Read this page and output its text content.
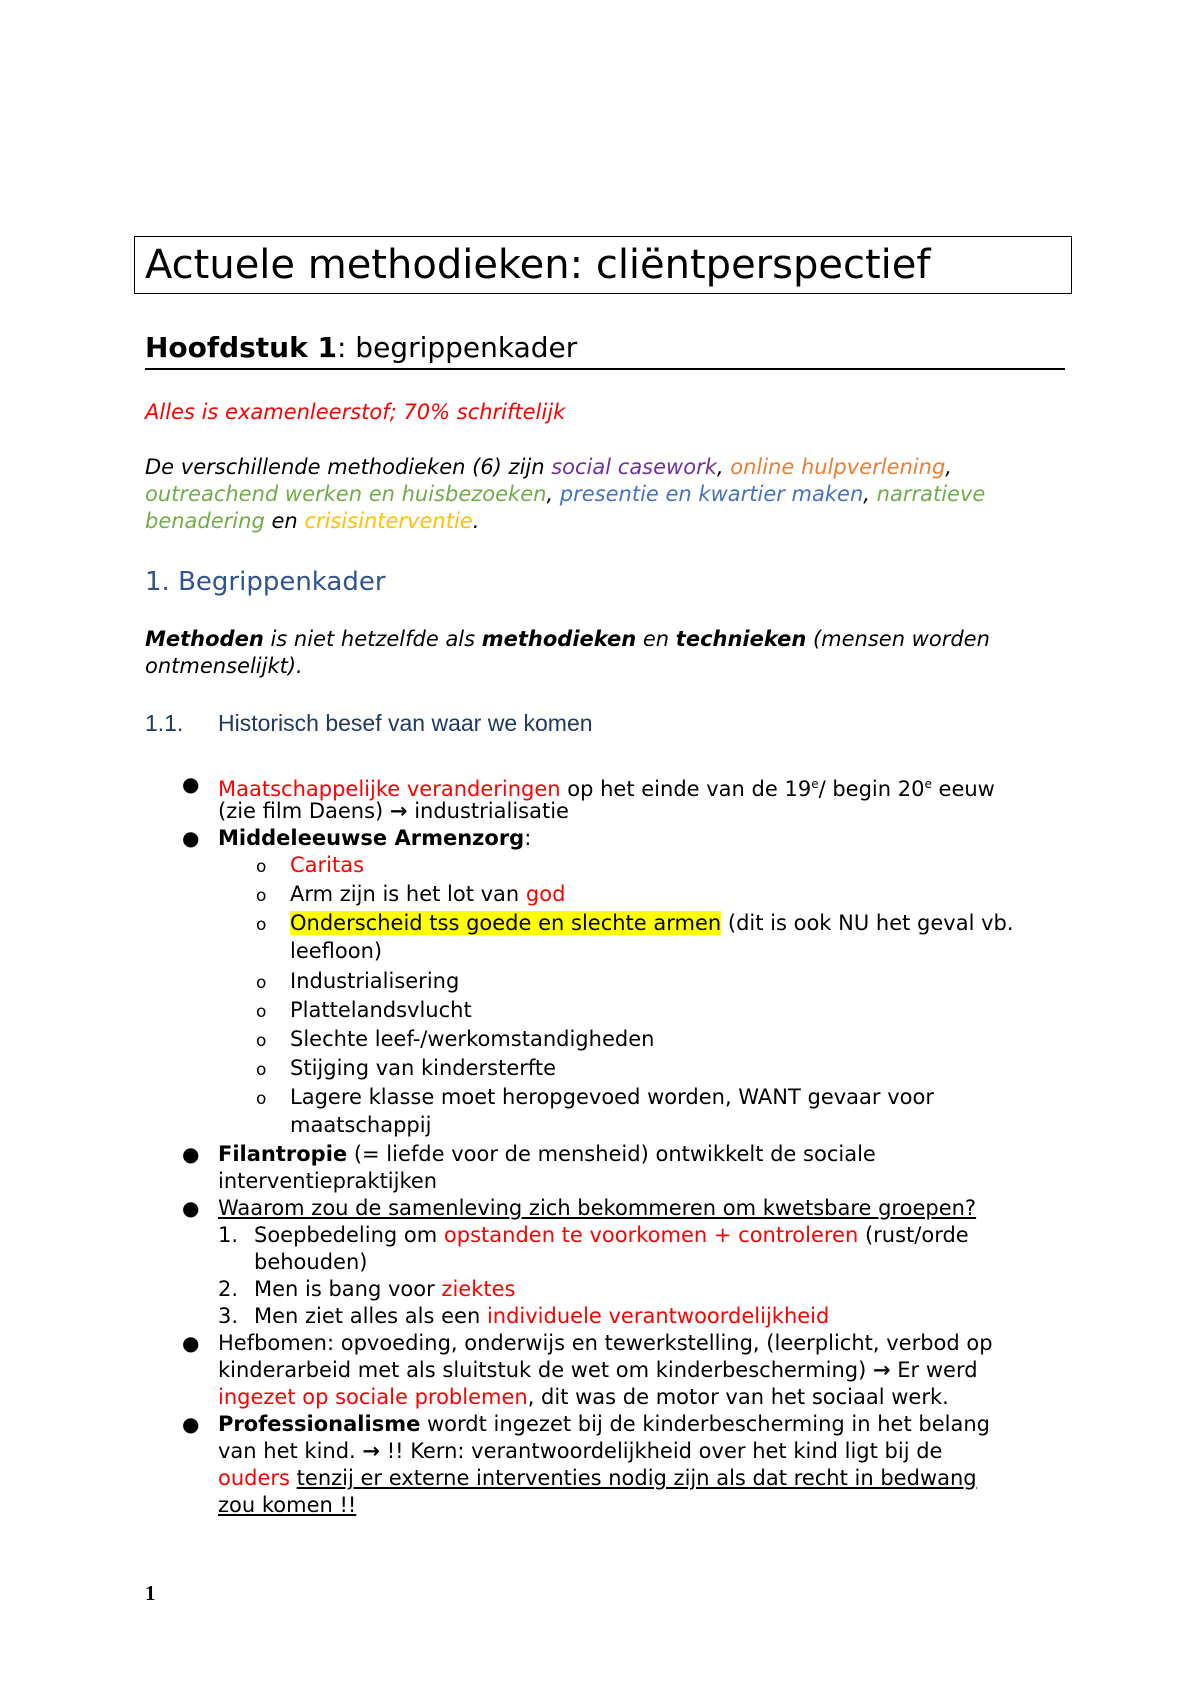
Actuele methodieken: cliëntperspectief
Hoofdstuk 1: begrippenkader
Alles is examenleerstof; 70% schriftelijk
De verschillende methodieken (6) zijn social casework, online hulpverlening, outreachend werken en huisbezoeken, presentie en kwartier maken, narratieve benadering en crisisinterventie.
1. Begrippenkader
Methoden is niet hetzelfde als methodieken en technieken (mensen worden ontmenselijkt).
1.1. Historisch besef van waar we komen
● Maatschappelijke veranderingen op het einde van de 19e/ begin 20e eeuw
(zie film Daens) → industrialisatie
● Middeleeuwse Armenzorg:
o Caritas
o Arm zijn is het lot van god
o Onderscheid tss goede en slechte armen (dit is ook NU het geval vb.
leefloon)
o Industrialisering
o Plattelandsvlucht
o Slechte leef-/werkomstandigheden
o Stijging van kindersterfte
o Lagere klasse moet heropgevoed worden, WANT gevaar voor
maatschappij
● Filantropie (= liefde voor de mensheid) ontwikkelt de sociale
interventiepraktijken
● Waarom zou de samenleving zich bekommeren om kwetsbare groepen?
1. Soepbedeling om opstanden te voorkomen + controleren (rust/orde
behouden)
2. Men is bang voor ziektes
3. Men ziet alles als een individuele verantwoordelijkheid
● Hefbomen: opvoeding, onderwijs en tewerkstelling, (leerplicht, verbod op
kinderarbeid met als sluitstuk de wet om kinderbescherming) → Er werd
ingezet op sociale problemen, dit was de motor van het sociaal werk.
● Professionalisme wordt ingezet bij de kinderbescherming in het belang
van het kind. → !! Kern: verantwoordelijkheid over het kind ligt bij de
ouders tenzij er externe interventies nodig zijn als dat recht in bedwang
zou komen !!
1
